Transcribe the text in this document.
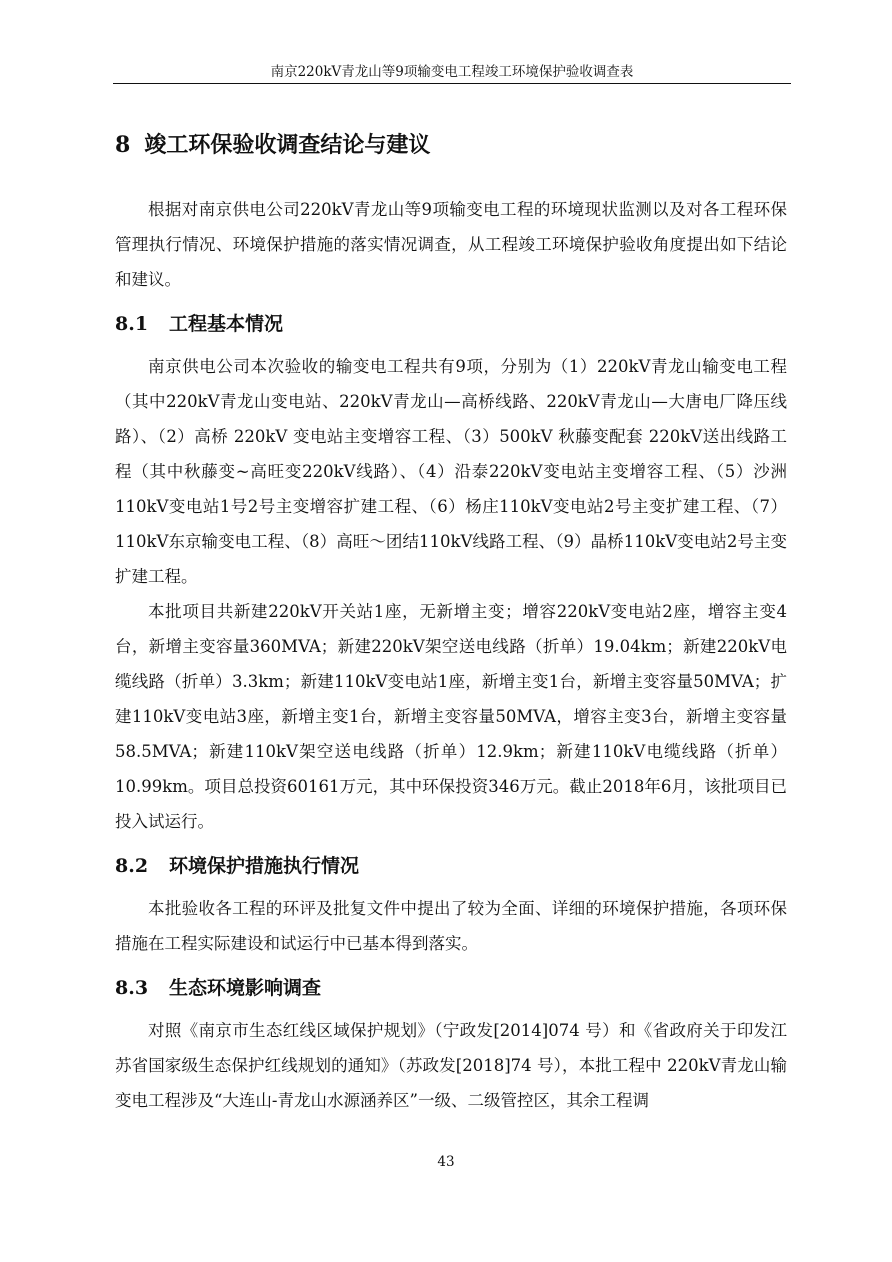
南京220kV青龙山等9项输变电工程竣工环境保护验收调查表
8 竣工环保验收调查结论与建议

根据对南京供电公司220kV青龙山等9项输变电工程的环境现状监测以及对各工程环保管理执行情况、环境保护措施的落实情况调查，从工程竣工环境保护验收角度提出如下结论和建议。

8.1 工程基本情况

南京供电公司本次验收的输变电工程共有9项，分别为（1）220kV青龙山输变电工程（其中220kV青龙山变电站、220kV青龙山—高桥线路、220kV青龙山—大唐电厂降压线路）、（2）高桥 220kV 变电站主变增容工程、（3）500kV 秋藤变配套 220kV送出线路工程（其中秋藤变~高旺变220kV线路）、（4）沿泰220kV变电站主变增容工程、（5）沙洲110kV变电站1号2号主变增容扩建工程、（6）杨庄110kV变电站2号主变扩建工程、（7）110kV东京输变电工程、（8）高旺～团结110kV线路工程、（9）晶桥110kV变电站2号主变扩建工程。

本批项目共新建220kV开关站1座，无新增主变；增容220kV变电站2座，增容主变4台，新增主变容量360MVA；新建220kV架空送电线路（折单）19.04km；新建220kV电缆线路（折单）3.3km；新建110kV变电站1座，新增主变1台，新增主变容量50MVA；扩建110kV变电站3座，新增主变1台，新增主变容量50MVA，增容主变3台，新增主变容量58.5MVA；新建110kV架空送电线路（折单）12.9km；新建110kV电缆线路（折单）10.99km。项目总投资60161万元，其中环保投资346万元。截止2018年6月，该批项目已投入试运行。

8.2 环境保护措施执行情况

本批验收各工程的环评及批复文件中提出了较为全面、详细的环境保护措施，各项环保措施在工程实际建设和试运行中已基本得到落实。

8.3 生态环境影响调查

对照《南京市生态红线区域保护规划》（宁政发[2014]074 号）和《省政府关于印发江苏省国家级生态保护红线规划的通知》（苏政发[2018]74 号），本批工程中 220kV青龙山输变电工程涉及“大连山-青龙山水源涵养区”一级、二级管控区，其余工程调

43
